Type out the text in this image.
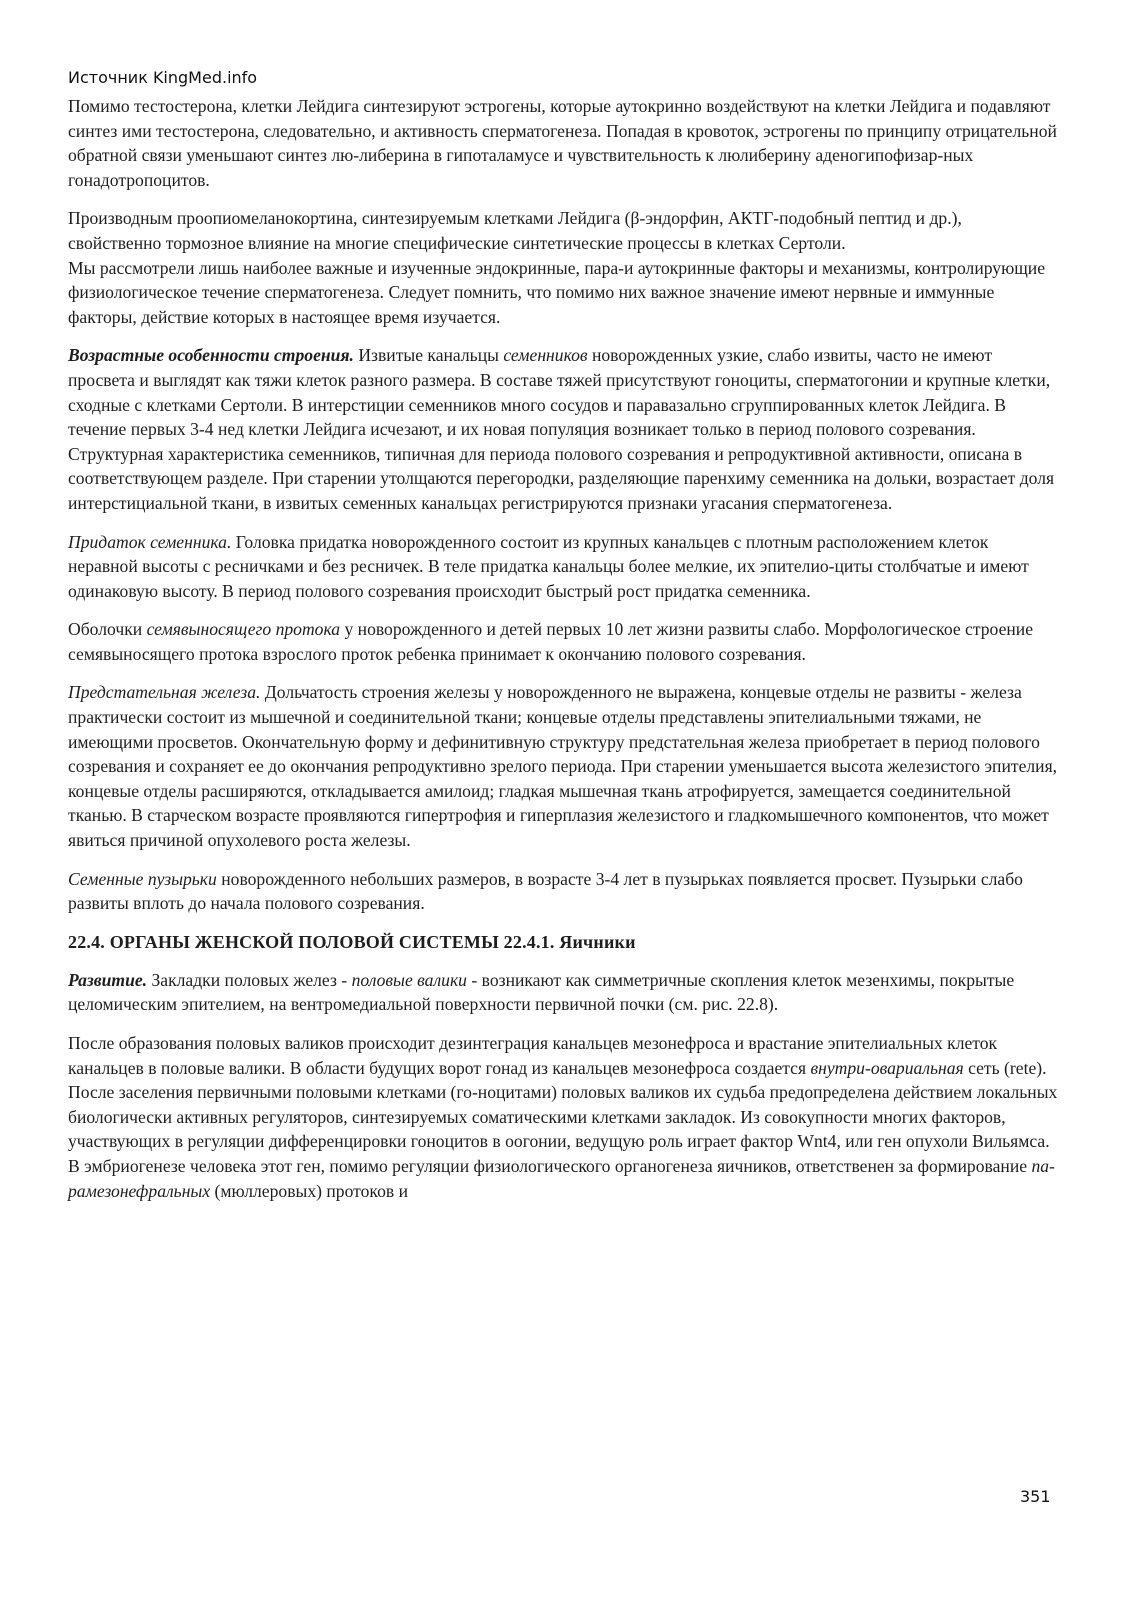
Источник KingMed.info

Помимо тестостерона, клетки Лейдига синтезируют эстрогены, которые аутокринно воздействуют на клетки Лейдига и подавляют синтез ими тестостерона, следовательно, и активность сперматогенеза. Попадая в кровоток, эстрогены по принципу отрицательной обратной связи уменьшают синтез лю-либерина в гипоталамусе и чувствительность к люлиберину аденогипофизар-ных гонадотропоцитов.

Производным проопиомеланокортина, синтезируемым клетками Лейдига (β-эндорфин, АКТГ-подобный пептид и др.), свойственно тормозное влияние на многие специфические синтетические процессы в клетках Сертоли.

Мы рассмотрели лишь наиболее важные и изученные эндокринные, пара-и аутокринные факторы и механизмы, контролирующие физиологическое течение сперматогенеза. Следует помнить, что помимо них важное значение имеют нервные и иммунные факторы, действие которых в настоящее время изучается.

Возрастные особенности строения. Извитые канальцы семенников новорожденных узкие, слабо извиты, часто не имеют просвета и выглядят как тяжи клеток разного размера. В составе тяжей присутствуют гоноциты, сперматогонии и крупные клетки, сходные с клетками Сертоли. В интерстиции семенников много сосудов и паравазально сгруппированных клеток Лейдига. В течение первых 3-4 нед клетки Лейдига исчезают, и их новая популяция возникает только в период полового созревания. Структурная характеристика семенников, типичная для периода полового созревания и репродуктивной активности, описана в соответствующем разделе. При старении утолщаются перегородки, разделяющие паренхиму семенника на дольки, возрастает доля интерстициальной ткани, в извитых семенных канальцах регистрируются признаки угасания сперматогенеза.

Придаток семенника. Головка придатка новорожденного состоит из крупных канальцев с плотным расположением клеток неравной высоты с ресничками и без ресничек. В теле придатка канальцы более мелкие, их эпителио-циты столбчатые и имеют одинаковую высоту. В период полового созревания происходит быстрый рост придатка семенника.

Оболочки семявыносящего протока у новорожденного и детей первых 10 лет жизни развиты слабо. Морфологическое строение семявыносящего протока взрослого проток ребенка принимает к окончанию полового созревания.

Предстательная железа. Дольчатость строения железы у новорожденного не выражена, концевые отделы не развиты - железа практически состоит из мышечной и соединительной ткани; концевые отделы представлены эпителиальными тяжами, не имеющими просветов. Окончательную форму и дефинитивную структуру предстательная железа приобретает в период полового созревания и сохраняет ее до окончания репродуктивно зрелого периода. При старении уменьшается высота железистого эпителия, концевые отделы расширяются, откладывается амилоид; гладкая мышечная ткань атрофируется, замещается соединительной тканью. В старческом возрасте проявляются гипертрофия и гиперплазия железистого и гладкомышечного компонентов, что может явиться причиной опухолевого роста железы.

Семенные пузырьки новорожденного небольших размеров, в возрасте 3-4 лет в пузырьках появляется просвет. Пузырьки слабо развиты вплоть до начала полового созревания.

22.4. ОРГАНЫ ЖЕНСКОЙ ПОЛОВОЙ СИСТЕМЫ 22.4.1. Яичники

Развитие. Закладки половых желез - половые валики - возникают как симметричные скопления клеток мезенхимы, покрытые целомическим эпителием, на вентромедиальной поверхности первичной почки (см. рис. 22.8).

После образования половых валиков происходит дезинтеграция канальцев мезонефроса и врастание эпителиальных клеток канальцев в половые валики. В области будущих ворот гонад из канальцев мезонефроса создается внутри-овариальная сеть (rete). После заселения первичными половыми клетками (го-ноцитами) половых валиков их судьба предопределена действием локальных биологически активных регуляторов, синтезируемых соматическими клетками закладок. Из совокупности многих факторов, участвующих в регуляции дифференцировки гоноцитов в оогонии, ведущую роль играет фактор Wnt4, или ген опухоли Вильямса. В эмбриогенезе человека этот ген, помимо регуляции физиологического органогенеза яичников, ответственен за формирование па-рамезонефральных (мюллеровых) протоков и

351
